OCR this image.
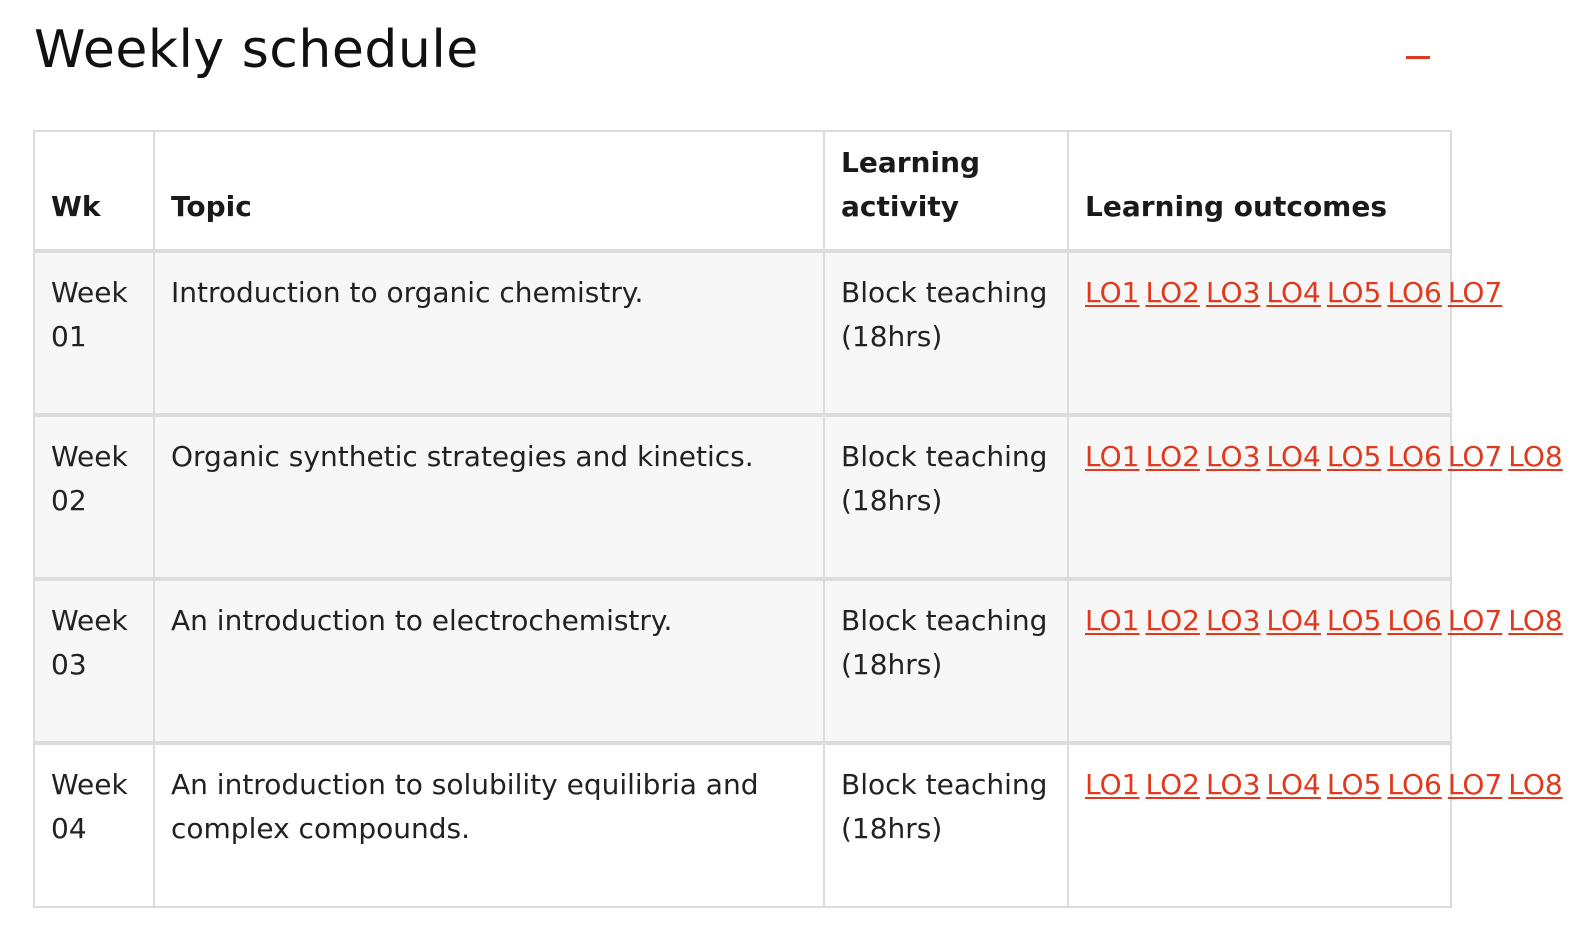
Weekly schedule
Wk	Topic	Learning activity	Learning outcomes
Week 01	Introduction to organic chemistry.	Block teaching (18hrs)	LO1 LO2 LO3 LO4 LO5 LO6 LO7
Week 02	Organic synthetic strategies and kinetics.	Block teaching (18hrs)	LO1 LO2 LO3 LO4 LO5 LO6 LO7 LO8
Week 03	An introduction to electrochemistry.	Block teaching (18hrs)	LO1 LO2 LO3 LO4 LO5 LO6 LO7 LO8
Week 04	An introduction to solubility equilibria and complex compounds.	Block teaching (18hrs)	LO1 LO2 LO3 LO4 LO5 LO6 LO7 LO8
